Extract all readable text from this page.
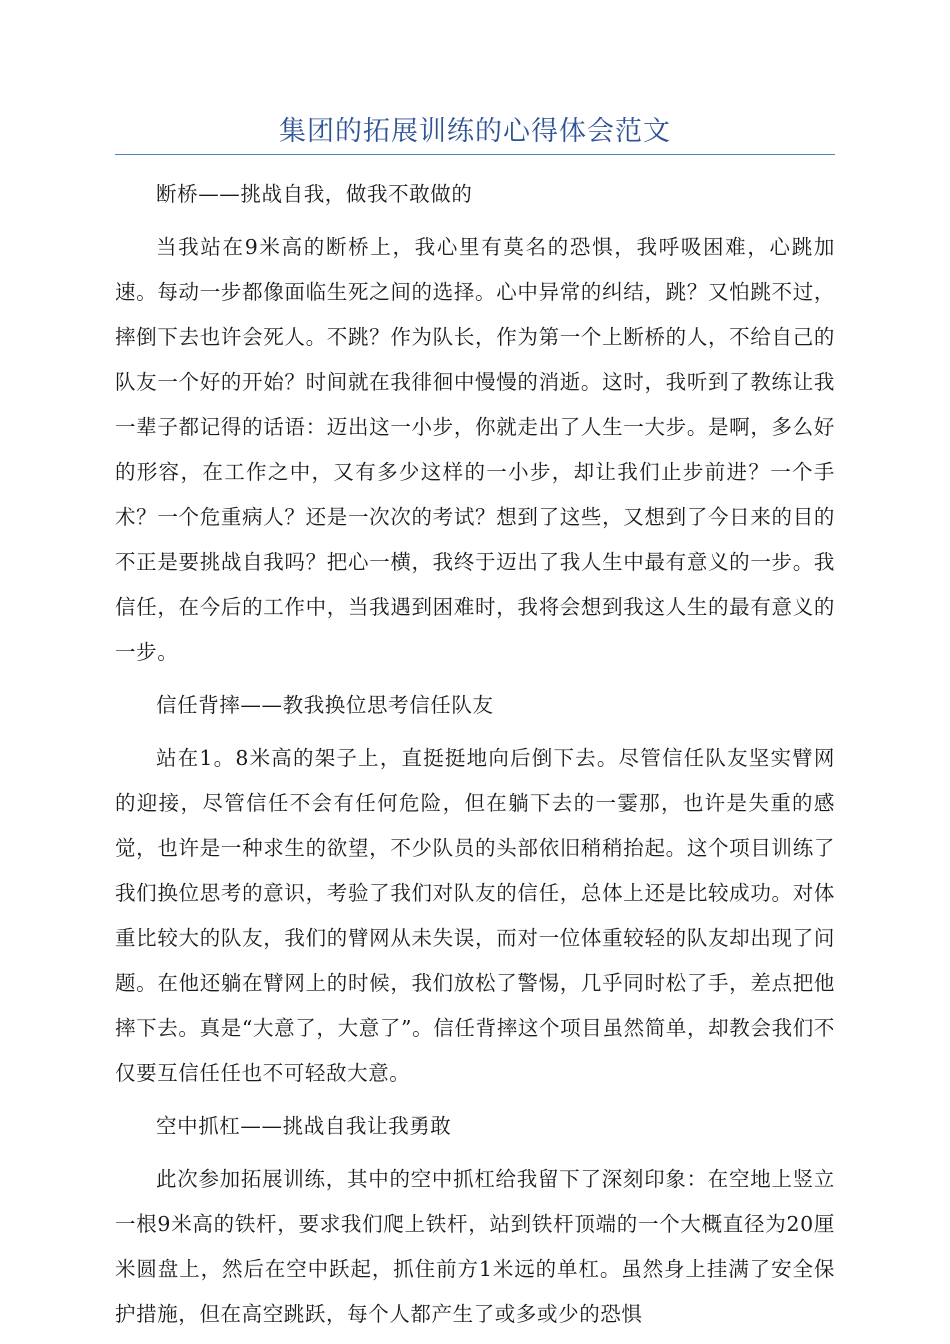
集团的拓展训练的心得体会范文

断桥——挑战自我，做我不敢做的

当我站在9米高的断桥上，我心里有莫名的恐惧，我呼吸困难，心跳加速。每动一步都像面临生死之间的选择。心中异常的纠结，跳？又怕跳不过，摔倒下去也许会死人。不跳？作为队长，作为第一个上断桥的人，不给自己的队友一个好的开始？时间就在我徘徊中慢慢的消逝。这时，我听到了教练让我一辈子都记得的话语：迈出这一小步，你就走出了人生一大步。是啊，多么好的形容，在工作之中，又有多少这样的一小步，却让我们止步前进？一个手术？一个危重病人？还是一次次的考试？想到了这些，又想到了今日来的目的不正是要挑战自我吗？把心一横，我终于迈出了我人生中最有意义的一步。我信任，在今后的工作中，当我遇到困难时，我将会想到我这人生的最有意义的一步。

信任背摔——教我换位思考信任队友

站在1。8米高的架子上，直挺挺地向后倒下去。尽管信任队友坚实臂网的迎接，尽管信任不会有任何危险，但在躺下去的一霎那，也许是失重的感觉，也许是一种求生的欲望，不少队员的头部依旧稍稍抬起。这个项目训练了我们换位思考的意识，考验了我们对队友的信任，总体上还是比较成功。对体重比较大的队友，我们的臂网从未失误，而对一位体重较轻的队友却出现了问题。在他还躺在臂网上的时候，我们放松了警惕，几乎同时松了手，差点把他摔下去。真是“大意了，大意了”。信任背摔这个项目虽然简单，却教会我们不仅要互信任任也不可轻敌大意。

空中抓杠——挑战自我让我勇敢

此次参加拓展训练，其中的空中抓杠给我留下了深刻印象：在空地上竖立一根9米高的铁杆，要求我们爬上铁杆，站到铁杆顶端的一个大概直径为20厘米圆盘上，然后在空中跃起，抓住前方1米远的单杠。虽然身上挂满了安全保护措施，但在高空跳跃，每个人都产生了或多或少的恐惧
